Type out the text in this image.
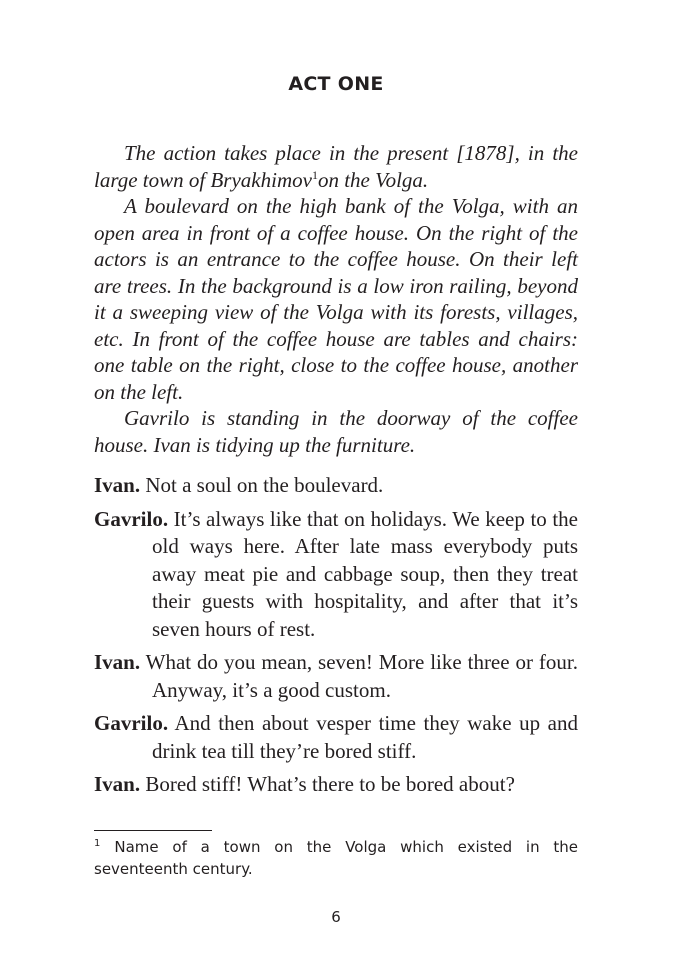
ACT ONE

The action takes place in the present [1878], in the large town of Bryakhimov$^1$on the Volga.

A boulevard on the high bank of the Volga, with an open area in front of a coffee house. On the right of the actors is an entrance to the coffee house. On their left are trees. In the background is a low iron railing, beyond it a sweeping view of the Volga with its forests, villages, etc. In front of the coffee house are tables and chairs: one table on the right, close to the coffee house, another on the left.

Gavrilo is standing in the doorway of the coffee house. Ivan is tidying up the furniture.

Ivan. Not a soul on the boulevard.

Gavrilo. It’s always like that on holidays. We keep to the old ways here. After late mass everybody puts away meat pie and cabbage soup, then they treat their guests with hospitality, and after that it’s seven hours of rest.

Ivan. What do you mean, seven! More like three or four. Anyway, it’s a good custom.

Gavrilo. And then about vesper time they wake up and drink tea till they’re bored stiff.

Ivan. Bored stiff! What’s there to be bored about?

$^1$ Name of a town on the Volga which existed in the seventeenth century.
6
